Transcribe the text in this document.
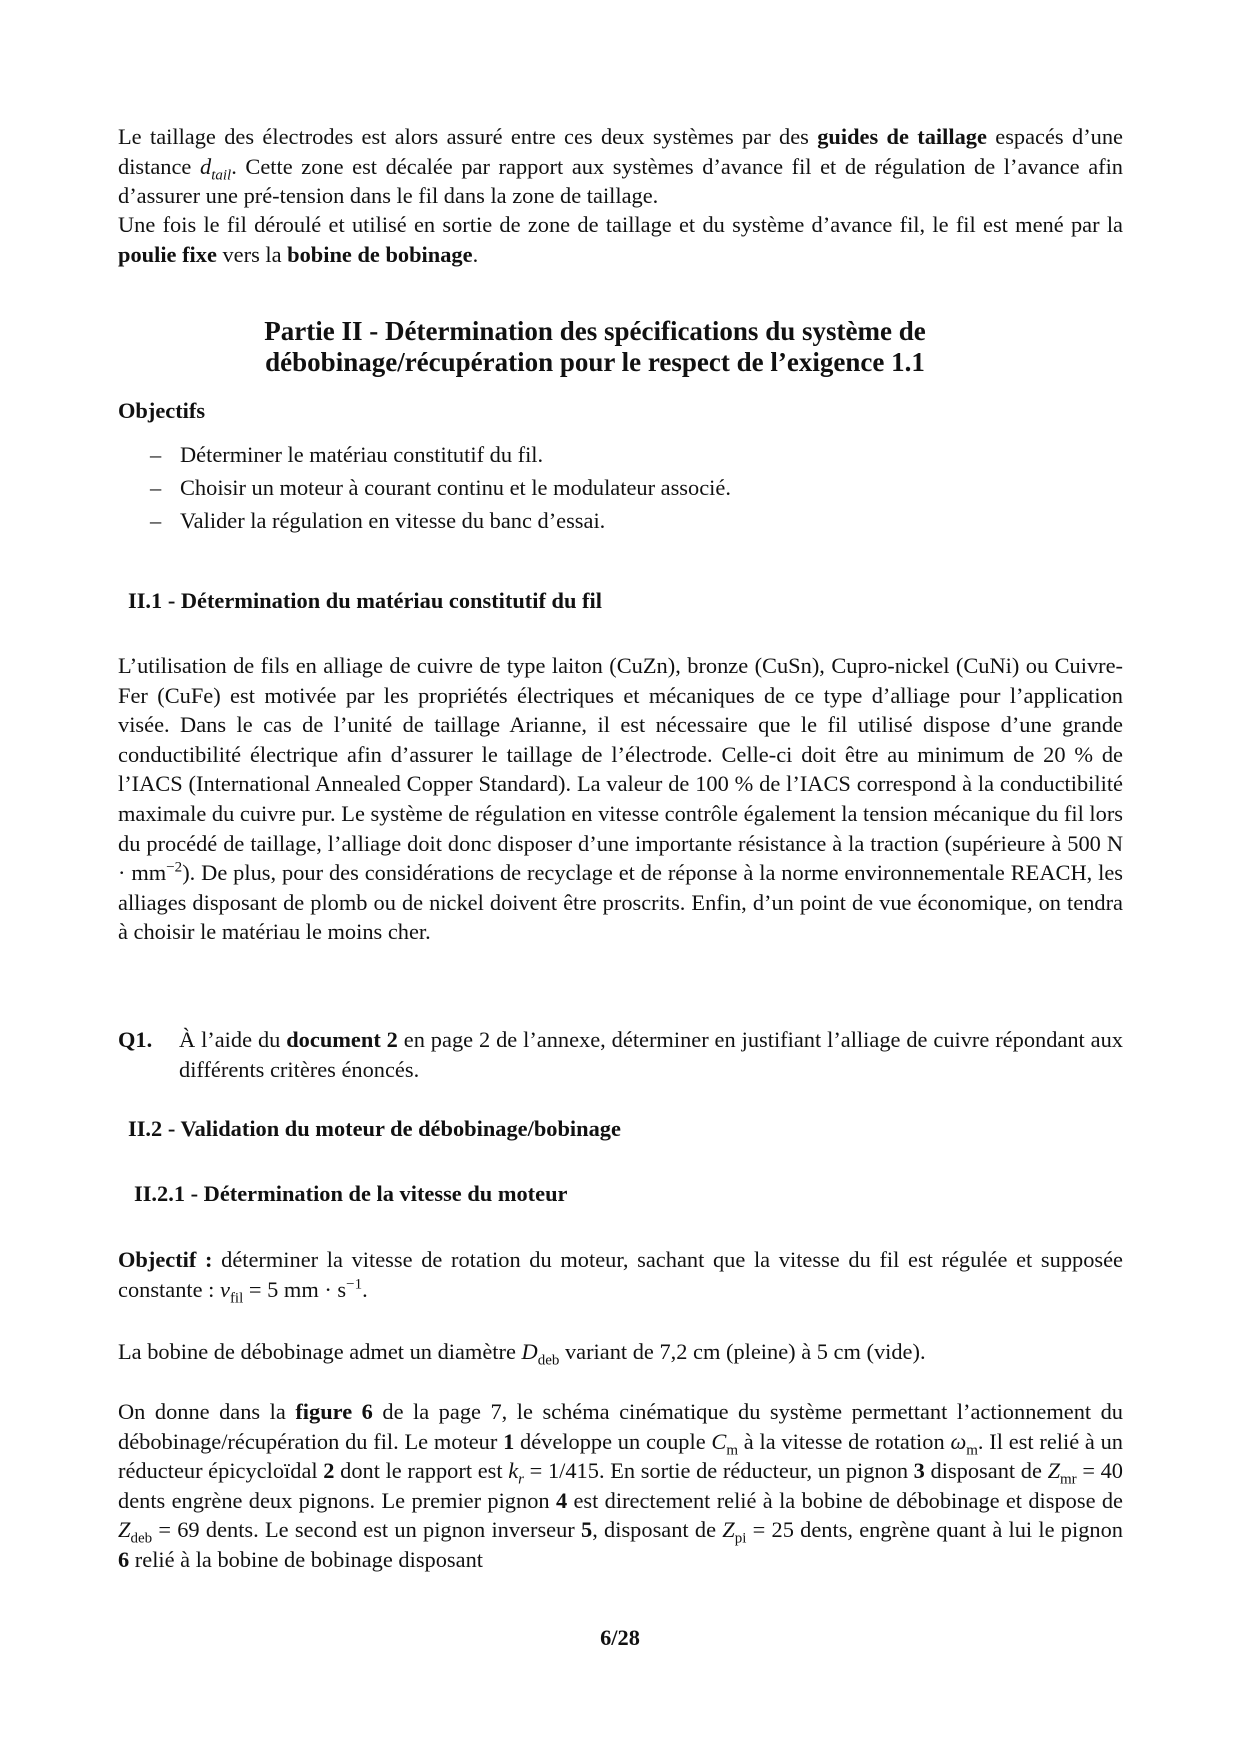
Le taillage des électrodes est alors assuré entre ces deux systèmes par des guides de taillage espacés d’une distance $d_{tail}$. Cette zone est décalée par rapport aux systèmes d’avance fil et de régulation de l’avance afin d’assurer une pré-tension dans le fil dans la zone de taillage.

Une fois le fil déroulé et utilisé en sortie de zone de taillage et du système d’avance fil, le fil est mené par la poulie fixe vers la bobine de bobinage.

Partie II - Détermination des spécifications du système de
débobinage/récupération pour le respect de l’exigence 1.1
Objectifs
– Déterminer le matériau constitutif du fil.
– Choisir un moteur à courant continu et le modulateur associé.
– Valider la régulation en vitesse du banc d’essai.
II.1 - Détermination du matériau constitutif du fil

L’utilisation de fils en alliage de cuivre de type laiton (CuZn), bronze (CuSn), Cupro-nickel (CuNi) ou Cuivre-Fer (CuFe) est motivée par les propriétés électriques et mécaniques de ce type d’alliage pour l’application visée. Dans le cas de l’unité de taillage Arianne, il est nécessaire que le fil utilisé dispose d’une grande conductibilité électrique afin d’assurer le taillage de l’électrode. Celle-ci doit être au minimum de 20 % de l’IACS (International Annealed Copper Standard). La valeur de 100 % de l’IACS correspond à la conductibilité maximale du cuivre pur. Le système de régulation en vitesse contrôle également la tension mécanique du fil lors du procédé de taillage, l’alliage doit donc disposer d’une importante résistance à la traction (supérieure à 500 $N \cdot mm^{-2}$). De plus, pour des considérations de recyclage et de réponse à la norme environnementale REACH, les alliages disposant de plomb ou de nickel doivent être proscrits. Enfin, d’un point de vue économique, on tendra à choisir le matériau le moins cher.

Q1. À l’aide du document 2 en page 2 de l’annexe, déterminer en justifiant l’alliage de cuivre répondant aux différents critères énoncés.

II.2 - Validation du moteur de débobinage/bobinage
II.2.1 - Détermination de la vitesse du moteur

Objectif : déterminer la vitesse de rotation du moteur, sachant que la vitesse du fil est régulée et supposée constante : $v_{fil} = 5$ mm · $s^{-1}$.

La bobine de débobinage admet un diamètre $D_{deb}$ variant de 7,2 cm (pleine) à 5 cm (vide).

On donne dans la figure 6 de la page 7, le schéma cinématique du système permettant l’actionnement du débobinage/récupération du fil. Le moteur 1 développe un couple $C_m$ à la vitesse de rotation $\omega_m$. Il est relié à un réducteur épicycloïdal 2 dont le rapport est $k_r = 1/415$. En sortie de réducteur, un pignon 3 disposant de $Z_{mr} = 40$ dents engrène deux pignons. Le premier pignon 4 est directement relié à la bobine de débobinage et dispose de $Z_{deb} = 69$ dents. Le second est un pignon inverseur 5, disposant de $Z_{pi} = 25$ dents, engrène quant à lui le pignon 6 relié à la bobine de bobinage disposant

6/28
